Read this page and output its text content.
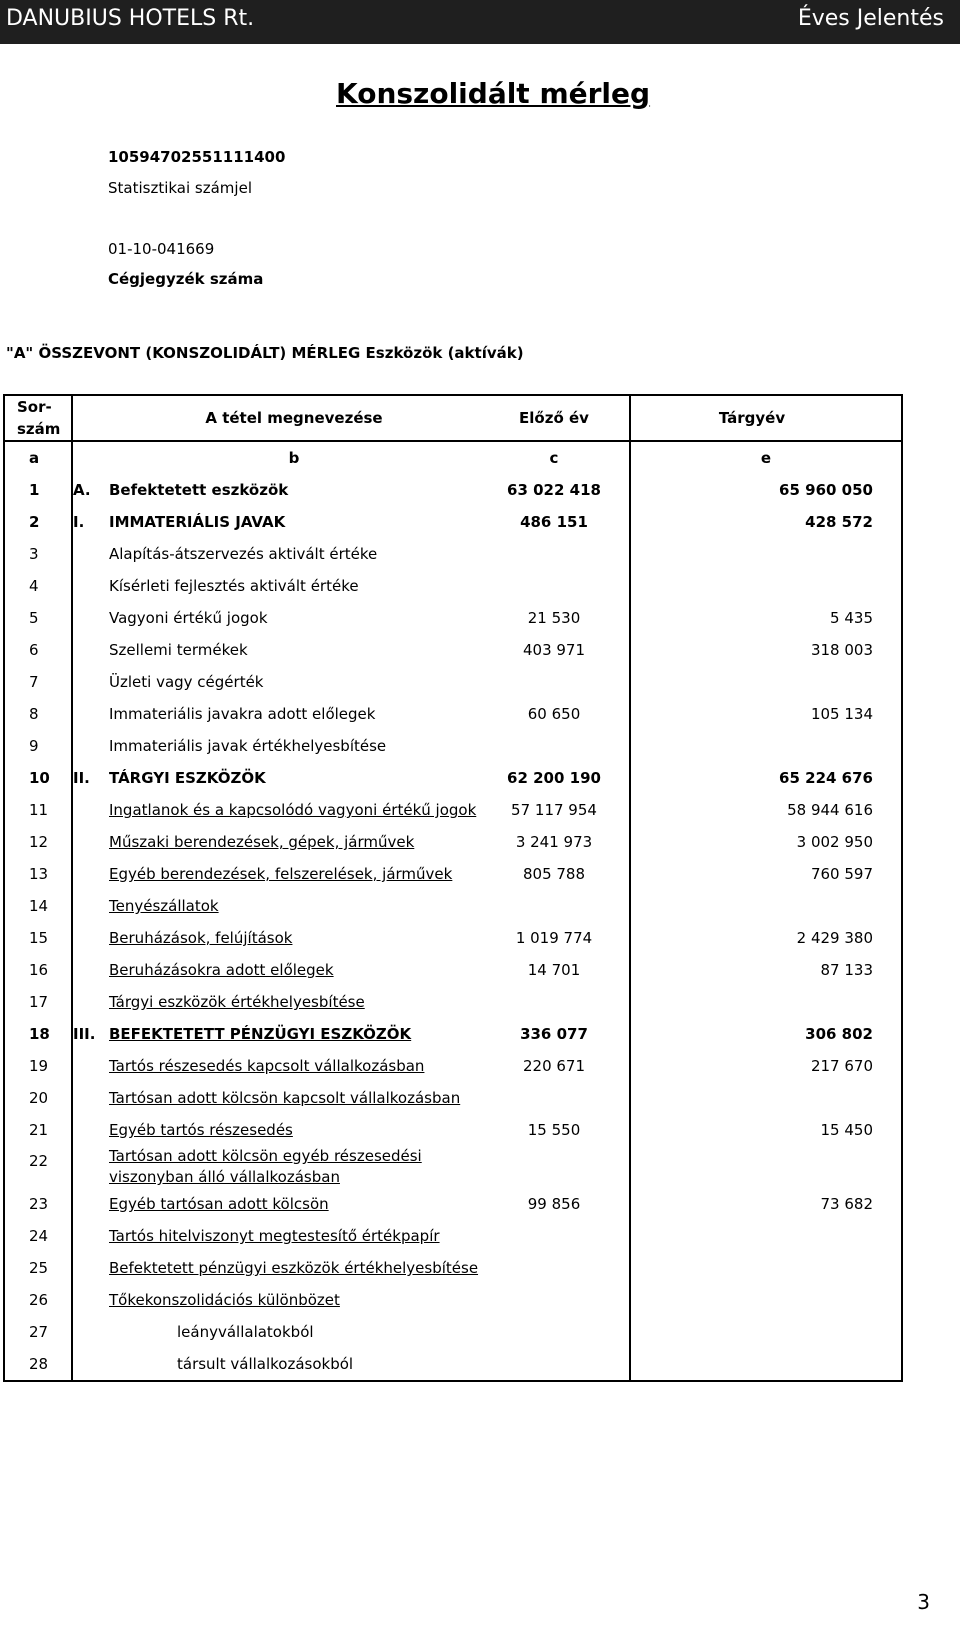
DANUBIUS HOTELS Rt.	Éves Jelentés
Konszolidált mérleg
10594702551111400
Statisztikai számjel
01-10-041669
Cégjegyzék száma
"A" ÖSSZEVONT (KONSZOLIDÁLT) MÉRLEG Eszközök (aktívák)
Sor-szám		A tétel megnevezése	Előző év	Tárgyév
a		b	c	e
1	A.	Befektetett eszközök	63 022 418	65 960 050
2	I.	IMMATERIÁLIS JAVAK	486 151	428 572
3		Alapítás-átszervezés aktivált értéke		
4		Kísérleti fejlesztés aktivált értéke		
5		Vagyoni értékű jogok	21 530	5 435
6		Szellemi termékek	403 971	318 003
7		Üzleti vagy cégérték		
8		Immateriális javakra adott előlegek	60 650	105 134
9		Immateriális javak értékhelyesbítése		
10	II.	TÁRGYI ESZKÖZÖK	62 200 190	65 224 676
11		Ingatlanok és a kapcsolódó vagyoni értékű jogok	57 117 954	58 944 616
12		Műszaki berendezések, gépek, járművek	3 241 973	3 002 950
13		Egyéb berendezések, felszerelések, járművek	805 788	760 597
14		Tenyészállatok		
15		Beruházások, felújítások	1 019 774	2 429 380
16		Beruházásokra adott előlegek	14 701	87 133
17		Tárgyi eszközök értékhelyesbítése		
18	III.	BEFEKTETETT PÉNZÜGYI ESZKÖZÖK	336 077	306 802
19		Tartós részesedés kapcsolt vállalkozásban	220 671	217 670
20		Tartósan adott kölcsön kapcsolt vállalkozásban		
21		Egyéb tartós részesedés	15 550	15 450
22		Tartósan adott kölcsön egyéb részesedési viszonyban álló vállalkozásban		
23		Egyéb tartósan adott kölcsön	99 856	73 682
24		Tartós hitelviszonyt megtestesítő értékpapír		
25		Befektetett pénzügyi eszközök értékhelyesbítése		
26		Tőkekonszolidációs különbözet		
27		leányvállalatokból		
28		társult vállalkozásokból		
3
